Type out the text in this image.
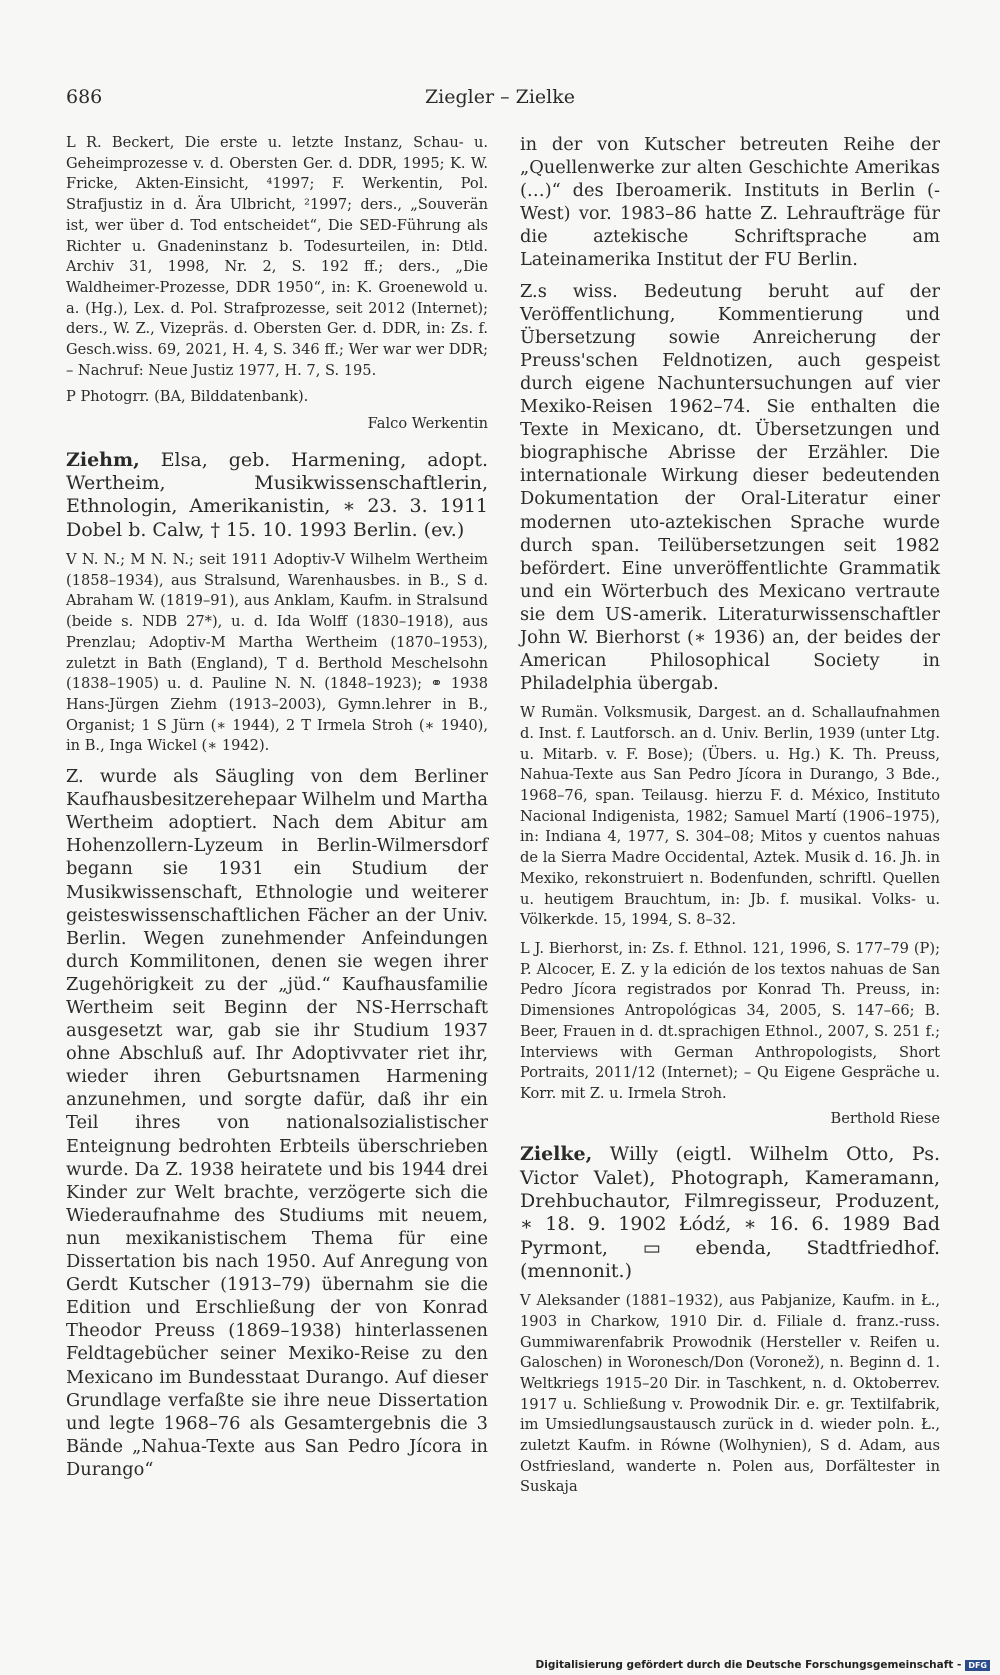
686	Ziegler – Zielke

L R. Beckert, Die erste u. letzte Instanz, Schau- u. Geheimprozesse v. d. Obersten Ger. d. DDR, 1995; K. W. Fricke, Akten-Einsicht, ⁴1997; F. Werkentin, Pol. Strafjustiz in d. Ära Ulbricht, ²1997; ders., „Souverän ist, wer über d. Tod entscheidet“, Die SED-Führung als Richter u. Gnadeninstanz b. Todesurteilen, in: Dtld. Archiv 31, 1998, Nr. 2, S. 192 ff.; ders., „Die Waldheimer-Prozesse, DDR 1950“, in: K. Groenewold u. a. (Hg.), Lex. d. Pol. Strafprozesse, seit 2012 (Internet); ders., W. Z., Vizepräs. d. Obersten Ger. d. DDR, in: Zs. f. Gesch.wiss. 69, 2021, H. 4, S. 346 ff.; Wer war wer DDR; – Nachruf: Neue Justiz 1977, H. 7, S. 195.

P Photogrr. (BA, Bilddatenbank).

Falco Werkentin

Ziehm, Elsa, geb. Harmening, adopt. Wertheim, Musikwissenschaftlerin, Ethnologin, Amerikanistin, ∗ 23. 3. 1911 Dobel b. Calw, † 15. 10. 1993 Berlin. (ev.)

V N. N.; M N. N.; seit 1911 Adoptiv-V Wilhelm Wertheim (1858–1934), aus Stralsund, Warenhausbes. in B., S d. Abraham W. (1819–91), aus Anklam, Kaufm. in Stralsund (beide s. NDB 27*), u. d. Ida Wolff (1830–1918), aus Prenzlau; Adoptiv-M Martha Wertheim (1870–1953), zuletzt in Bath (England), T d. Berthold Meschelsohn (1838–1905) u. d. Pauline N. N. (1848–1923); ⚭ 1938 Hans-Jürgen Ziehm (1913–2003), Gymn.lehrer in B., Organist; 1 S Jürn (∗ 1944), 2 T Irmela Stroh (∗ 1940), in B., Inga Wickel (∗ 1942).

Z. wurde als Säugling von dem Berliner Kaufhausbesitzerehepaar Wilhelm und Martha Wertheim adoptiert. Nach dem Abitur am Hohenzollern-Lyzeum in Berlin-Wilmersdorf begann sie 1931 ein Studium der Musikwissenschaft, Ethnologie und weiterer geisteswissenschaftlichen Fächer an der Univ. Berlin. Wegen zunehmender Anfeindungen durch Kommilitonen, denen sie wegen ihrer Zugehörigkeit zu der „jüd.“ Kaufhausfamilie Wertheim seit Beginn der NS-Herrschaft ausgesetzt war, gab sie ihr Studium 1937 ohne Abschluß auf. Ihr Adoptivvater riet ihr, wieder ihren Geburtsnamen Harmening anzunehmen, und sorgte dafür, daß ihr ein Teil ihres von nationalsozialistischer Enteignung bedrohten Erbteils überschrieben wurde. Da Z. 1938 heiratete und bis 1944 drei Kinder zur Welt brachte, verzögerte sich die Wiederaufnahme des Studiums mit neuem, nun mexikanistischem Thema für eine Dissertation bis nach 1950. Auf Anregung von Gerdt Kutscher (1913–79) übernahm sie die Edition und Erschließung der von Konrad Theodor Preuss (1869–1938) hinterlassenen Feldtagebücher seiner Mexiko-Reise zu den Mexicano im Bundesstaat Durango. Auf dieser Grundlage verfaßte sie ihre neue Dissertation und legte 1968–76 als Gesamtergebnis die 3 Bände „Nahua-Texte aus San Pedro Jícora in Durango“

in der von Kutscher betreuten Reihe der „Quellenwerke zur alten Geschichte Amerikas (…)“ des Iberoamerik. Instituts in Berlin (-West) vor. 1983–86 hatte Z. Lehraufträge für die aztekische Schriftsprache am Lateinamerika Institut der FU Berlin.

Z.s wiss. Bedeutung beruht auf der Veröffentlichung, Kommentierung und Übersetzung sowie Anreicherung der Preuss'schen Feldnotizen, auch gespeist durch eigene Nachuntersuchungen auf vier Mexiko-Reisen 1962–74. Sie enthalten die Texte in Mexicano, dt. Übersetzungen und biographische Abrisse der Erzähler. Die internationale Wirkung dieser bedeutenden Dokumentation der Oral-Literatur einer modernen uto-aztekischen Sprache wurde durch span. Teilübersetzungen seit 1982 befördert. Eine unveröffentlichte Grammatik und ein Wörterbuch des Mexicano vertraute sie dem US-amerik. Literaturwissenschaftler John W. Bierhorst (∗ 1936) an, der beides der American Philosophical Society in Philadelphia übergab.

W Rumän. Volksmusik, Dargest. an d. Schallaufnahmen d. Inst. f. Lautforsch. an d. Univ. Berlin, 1939 (unter Ltg. u. Mitarb. v. F. Bose); (Übers. u. Hg.) K. Th. Preuss, Nahua-Texte aus San Pedro Jícora in Durango, 3 Bde., 1968–76, span. Teilausg. hierzu F. d. México, Instituto Nacional Indigenista, 1982; Samuel Martí (1906–1975), in: Indiana 4, 1977, S. 304–08; Mitos y cuentos nahuas de la Sierra Madre Occidental, Aztek. Musik d. 16. Jh. in Mexiko, rekonstruiert n. Bodenfunden, schriftl. Quellen u. heutigem Brauchtum, in: Jb. f. musikal. Volks- u. Völkerkde. 15, 1994, S. 8–32.

L J. Bierhorst, in: Zs. f. Ethnol. 121, 1996, S. 177–79 (P); P. Alcocer, E. Z. y la edición de los textos nahuas de San Pedro Jícora registrados por Konrad Th. Preuss, in: Dimensiones Antropológicas 34, 2005, S. 147–66; B. Beer, Frauen in d. dt.sprachigen Ethnol., 2007, S. 251 f.; Interviews with German Anthropologists, Short Portraits, 2011/12 (Internet); – Qu Eigene Gespräche u. Korr. mit Z. u. Irmela Stroh.

Berthold Riese

Zielke, Willy (eigtl. Wilhelm Otto, Ps. Victor Valet), Photograph, Kameramann, Drehbuchautor, Filmregisseur, Produzent, ∗ 18. 9. 1902 Łódź, ∗ 16. 6. 1989 Bad Pyrmont, ▭ ebenda, Stadtfriedhof. (mennonit.)

V Aleksander (1881–1932), aus Pabjanize, Kaufm. in Ł., 1903 in Charkow, 1910 Dir. d. Filiale d. franz.-russ. Gummiwarenfabrik Prowodnik (Hersteller v. Reifen u. Galoschen) in Woronesch/Don (Voronež), n. Beginn d. 1. Weltkriegs 1915–20 Dir. in Taschkent, n. d. Oktoberrev. 1917 u. Schließung v. Prowodnik Dir. e. gr. Textilfabrik, im Umsiedlungsaustausch zurück in d. wieder poln. Ł., zuletzt Kaufm. in Równe (Wolhynien), S d. Adam, aus Ostfriesland, wanderte n. Polen aus, Dorfältester in Suskaja

Digitalisierung gefördert durch die Deutsche Forschungsgemeinschaft - DFG
